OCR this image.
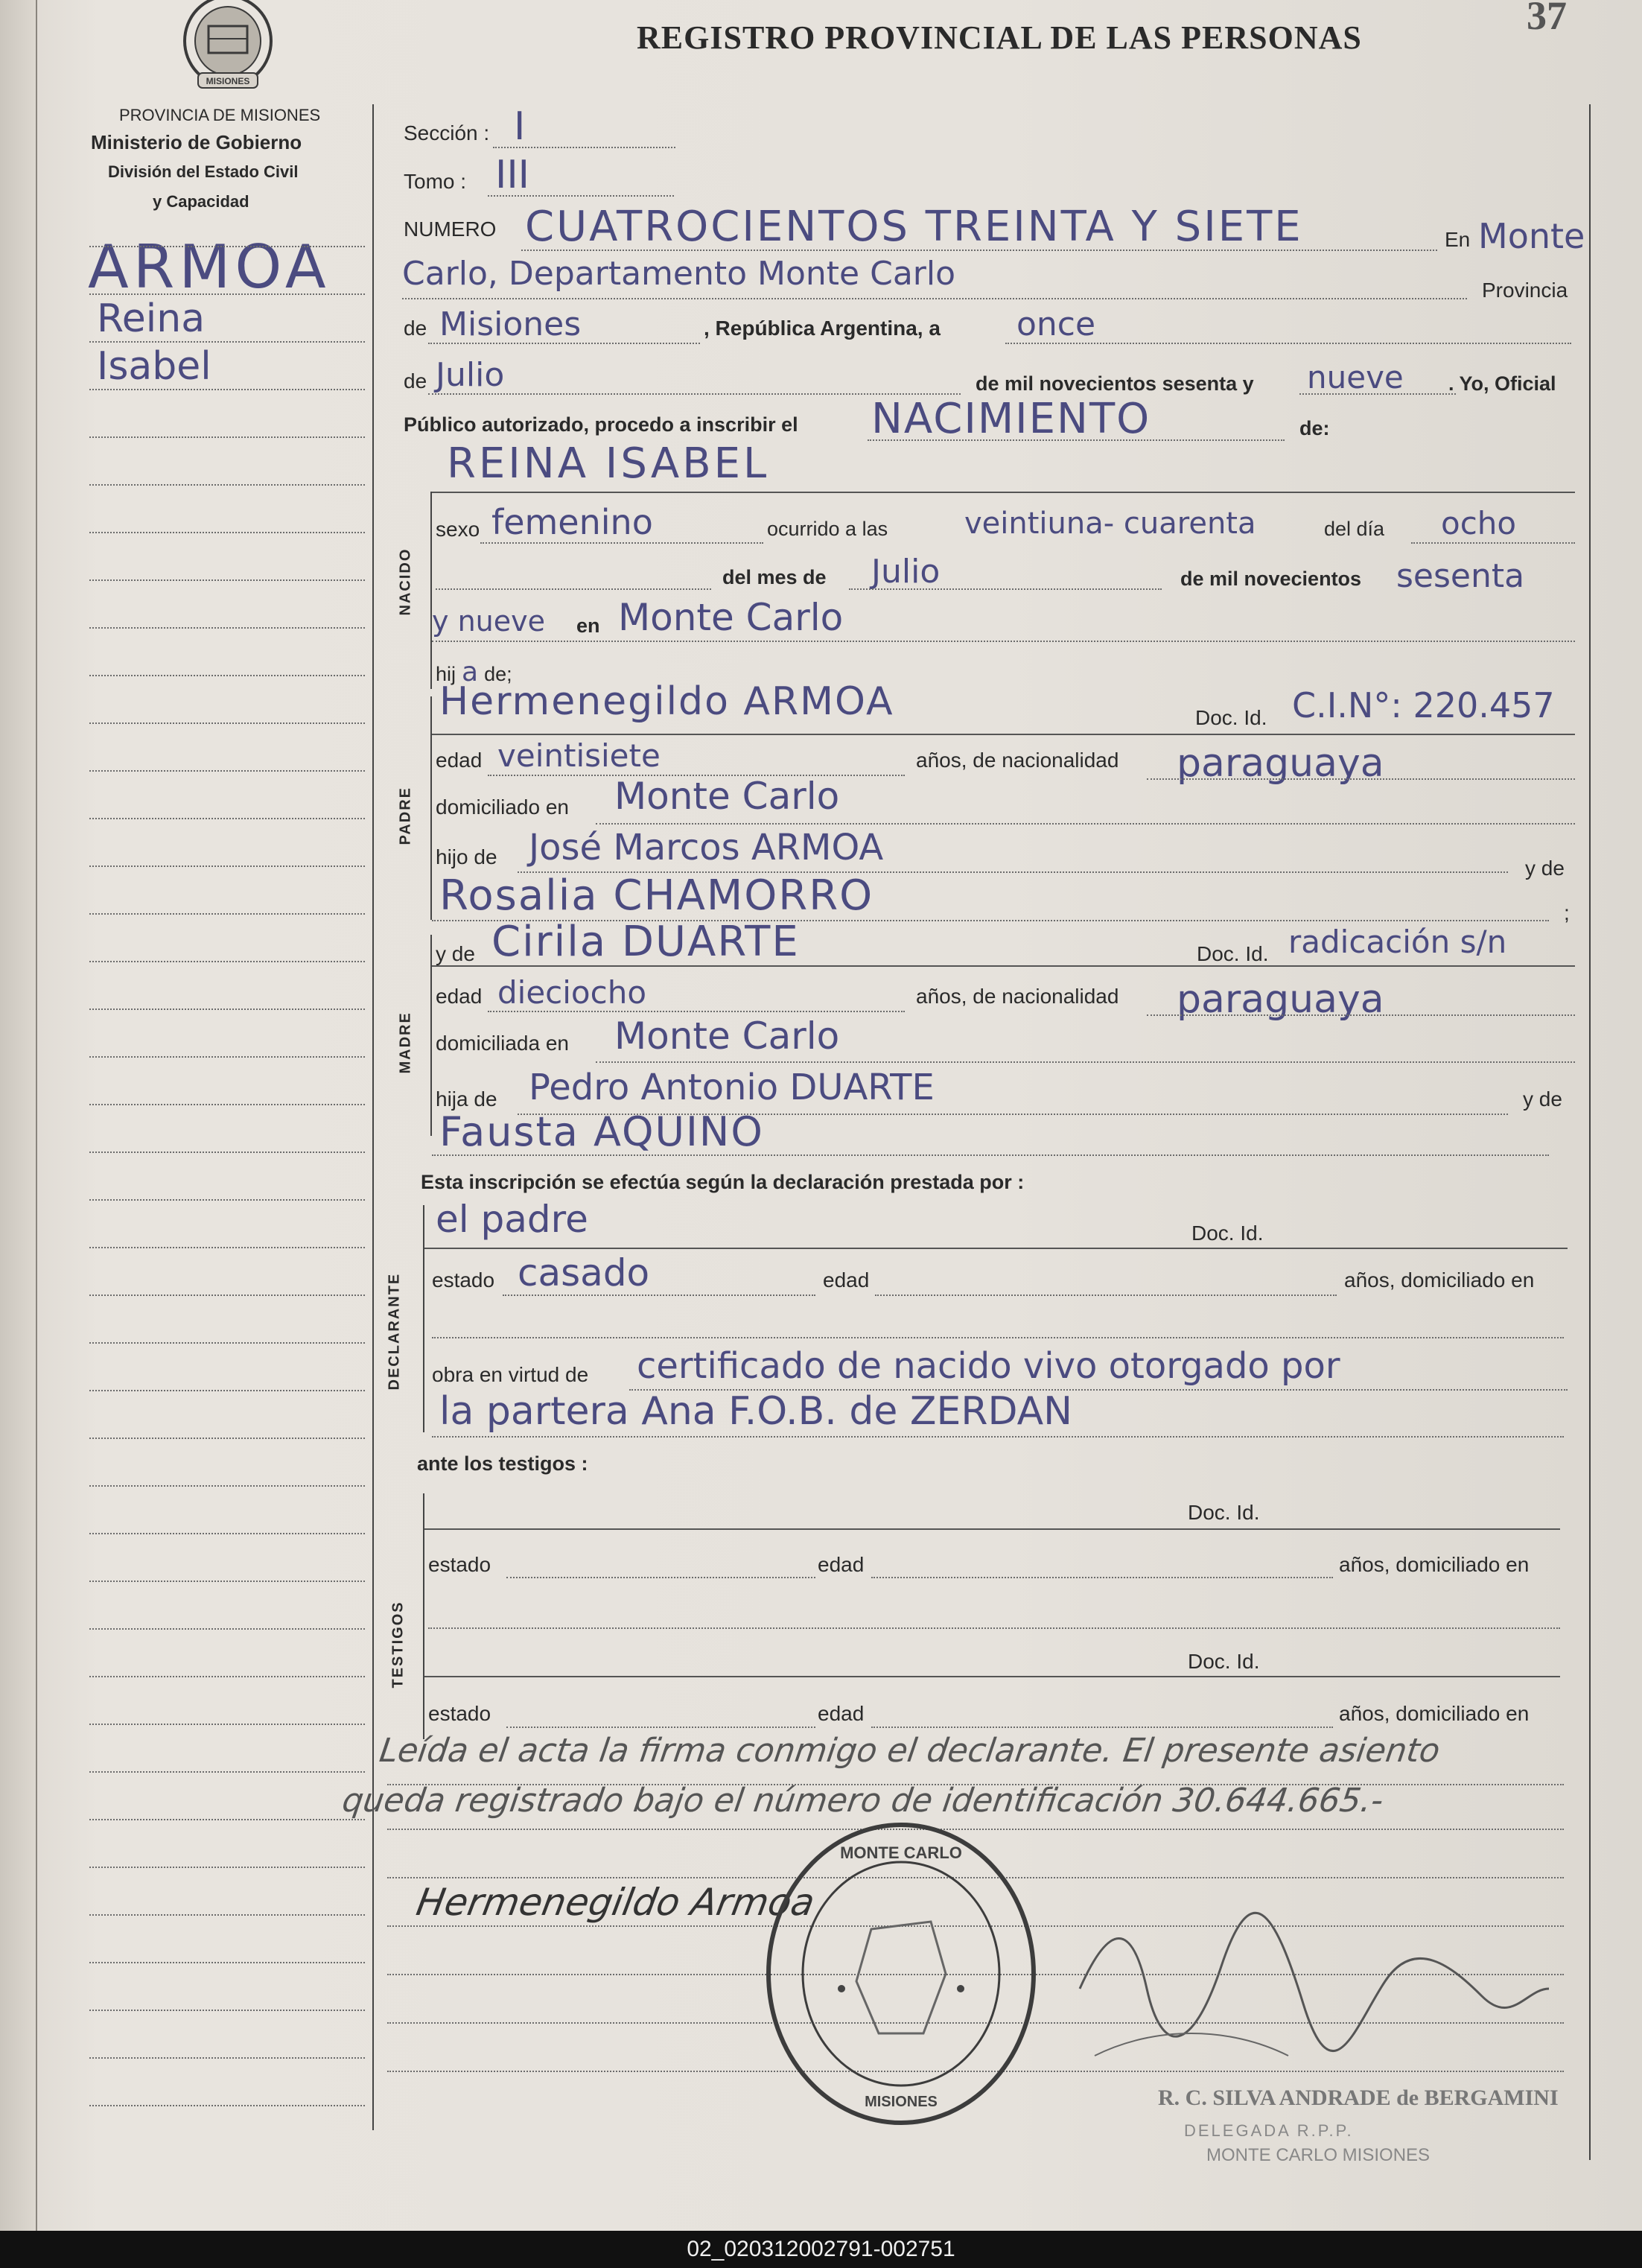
MISIONES
REGISTRO PROVINCIAL DE LAS PERSONAS	37
PROVINCIA DE MISIONES
Ministerio de Gobierno
División del Estado Civil
y Capacidad
ARMOA
Reina
Isabel
Sección : I
Tomo : III
NUMERO CUATROCIENTOS TREINTA Y SIETE	En Monte
Carlo, Departamento Monte Carlo	Provincia
de Misiones	, República Argentina, a once
de Julio	de mil novecientos sesenta y nueve . Yo, Oficial
Público autorizado, procedo a inscribir el NACIMIENTO	de:
NACIDO
REINA ISABEL
sexo femenino	ocurrido a las	veintiuna- cuarenta	del día ocho
del mes de Julio	de mil novecientos sesenta
y nueve en Monte Carlo
hij a de;
PADRE
Hermenegildo ARMOA	Doc. Id. C.I.N°: 220.457
edad veintisiete	años, de nacionalidad paraguaya
domiciliado en Monte Carlo
hijo de José Marcos ARMOA	y de
Rosalia CHAMORRO	;
MADRE
y de Cirila DUARTE	Doc. Id. radicación s/n
edad dieciocho	años, de nacionalidad paraguaya
domiciliada en Monte Carlo
hija de Pedro Antonio DUARTE	y de
Fausta AQUINO
Esta inscripción se efectúa según la declaración prestada por :
DECLARANTE
el padre	Doc. Id.
estado casado	edad	años, domiciliado en
obra en virtud de certificado de nacido vivo otorgado por
la partera Ana F.O.B. de ZERDAN
ante los testigos :
TESTIGOS
Doc. Id.
estado	edad	años, domiciliado en
Doc. Id.
estado	edad	años, domiciliado en
Leída el acta la firma conmigo el declarante. El presente asiento
queda registrado bajo el número de identificación 30.644.665.-
Hermenegildo Armoa
MONTE CARLO
MISIONES	R. C. SILVA ANDRADE de BERGAMINI
DELEGADA R.P.P.
MONTE CARLO MISIONES
02_020312002791-002751
